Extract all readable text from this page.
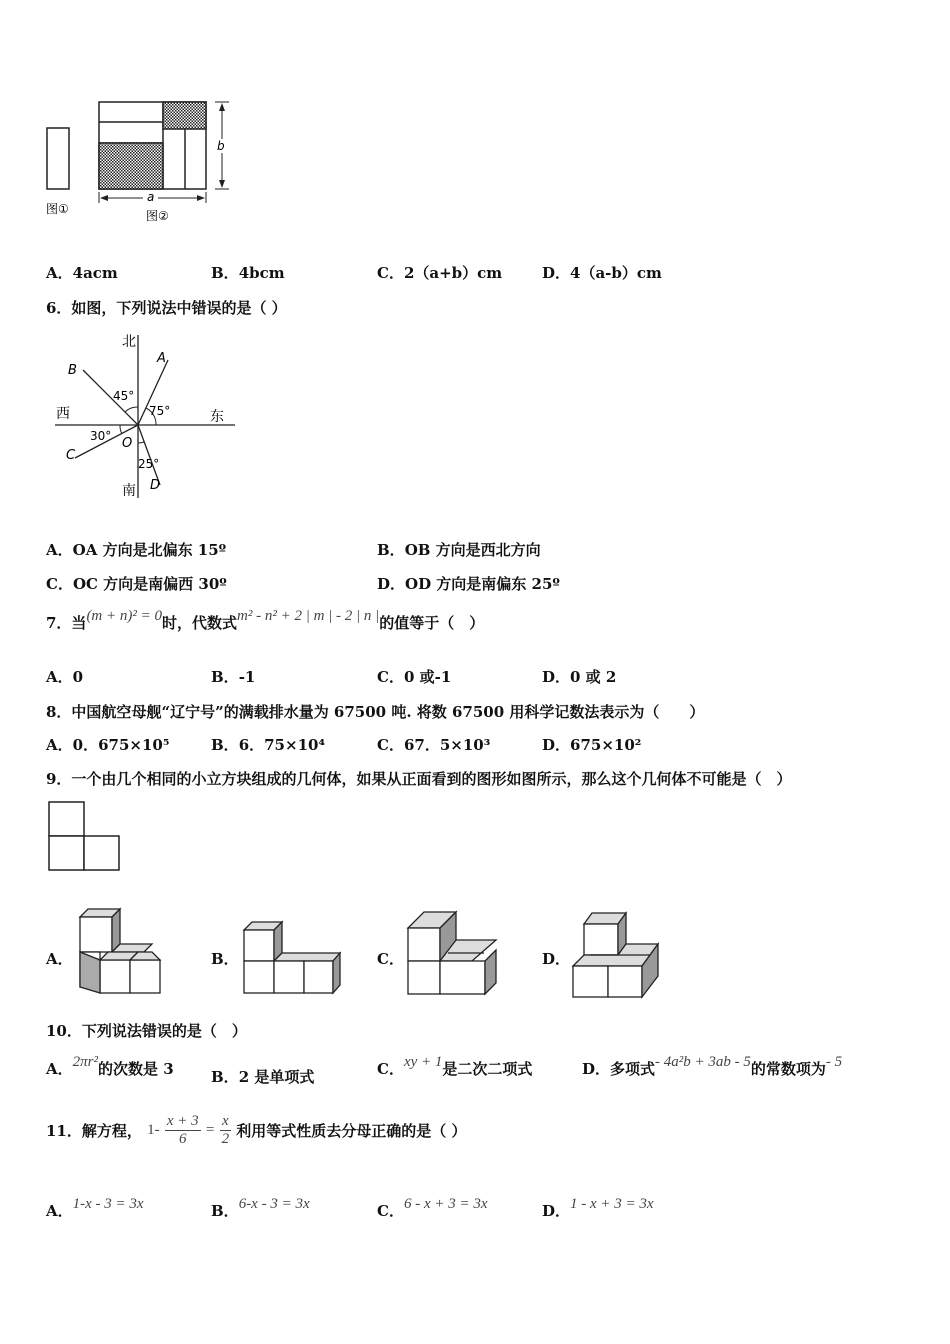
b
a
图①	图②
A．4acm	B．4bcm	C．2（a+b）cm	D．4（a-b）cm
6．如图，下列说法中错误的是（ ）
北
南
西	东
A
B
C
D
O
45°
75°
30°
25°
A．OA 方向是北偏东 15º	B．OB 方向是西北方向
C．OC 方向是南偏西 30º	D．OD 方向是南偏东 25º
7．当(m + n)² = 0时，代数式m² - n² + 2 | m | - 2 | n |的值等于（　）
A．0	B．-1	C．0 或-1	D．0 或 2
8．中国航空母舰“辽宁号”的满载排水量为 67500 吨. 将数 67500 用科学记数法表示为（　　）
A．0．675×10⁵	B．6．75×10⁴	C．67．5×10³	D．675×10²
9．一个由几个相同的小立方块组成的几何体，如果从正面看到的图形如图所示，那么这个几何体不可能是（　）
A．	B．	C．	D．
10．下列说法错误的是（　）
A．2πr²的次数是 3 B．2 是单项式	C．xy + 1是二次二项式	D．多项式- 4a²b + 3ab - 5的常数项为- 5
11．解方程， $1- \frac{x + 3}{6} = \frac{x}{2}$ 利用等式性质去分母正确的是（ ）
A．1-x - 3 = 3x	B．6-x - 3 = 3x	C．6 - x + 3 = 3x	D．1 - x + 3 = 3x
